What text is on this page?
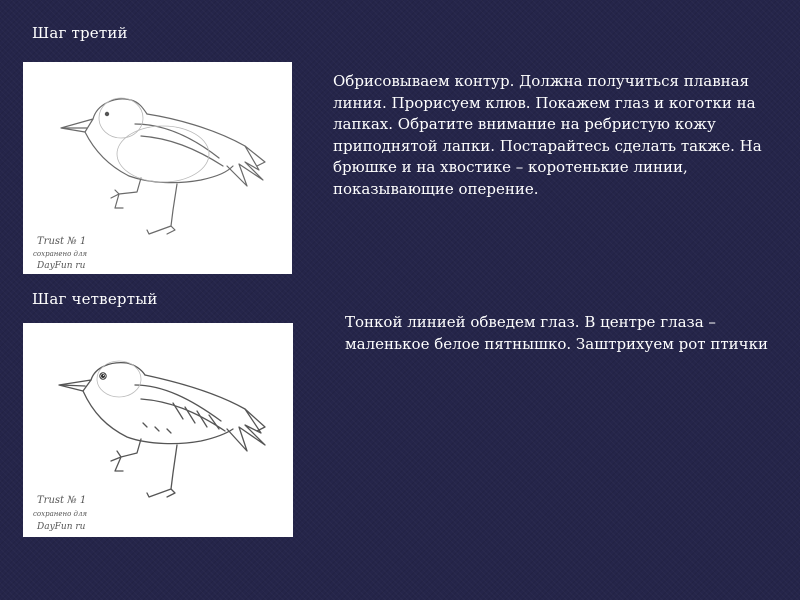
Шаг третий
Trust № 1
сохранено для
DayFun ru

Обрисовываем контур. Должна получиться плавная линия. Прорисуем клюв. Покажем глаз и коготки на лапках. Обратите внимание на ребристую кожу приподнятой лапки. Постарайтесь сделать также. На брюшке и на хвостике – коротенькие линии, показывающие оперение.

Шаг четвертый
Trust № 1
сохранено для
DayFun ru

Тонкой линией обведем глаз. В центре глаза – маленькое белое пятнышко. Заштрихуем рот птички
